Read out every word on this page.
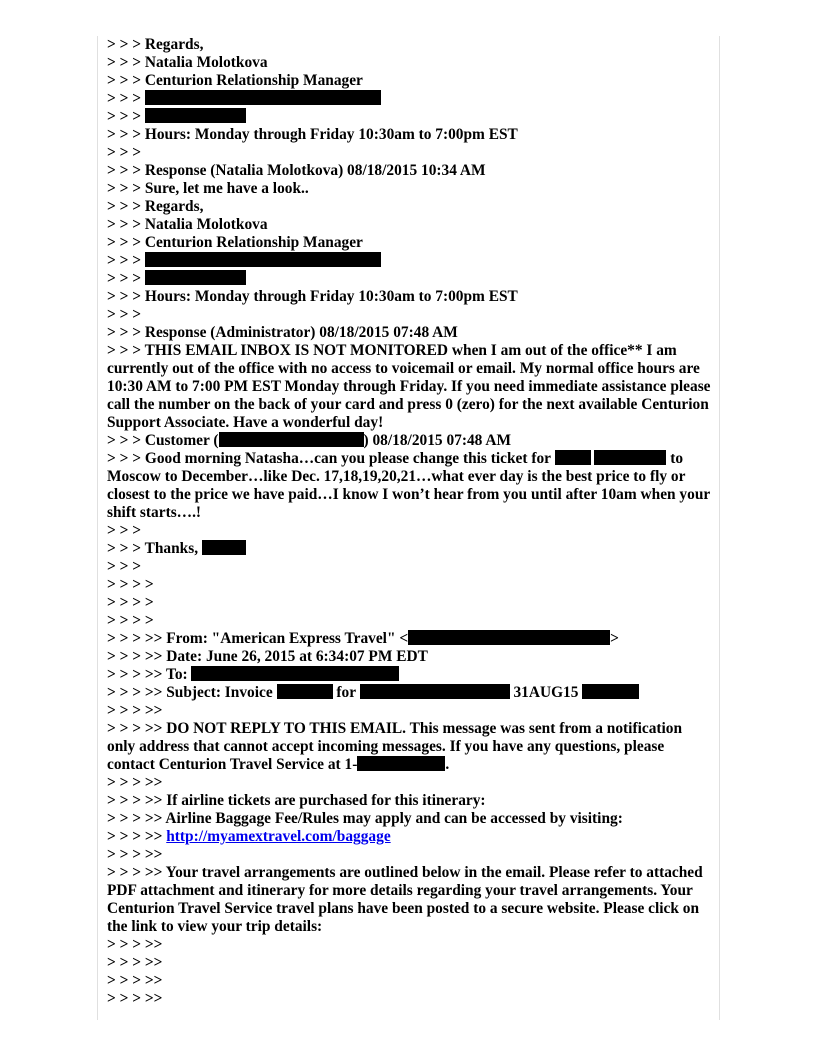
> > > Regards,
> > > Natalia Molotkova
> > > Centurion Relationship Manager
> > >
> > >
> > > Hours: Monday through Friday 10:30am to 7:00pm EST
> > >
> > > Response (Natalia Molotkova) 08/18/2015 10:34 AM
> > > Sure, let me have a look..
> > > Regards,
> > > Natalia Molotkova
> > > Centurion Relationship Manager
> > >
> > >
> > > Hours: Monday through Friday 10:30am to 7:00pm EST
> > >
> > > Response (Administrator) 08/18/2015 07:48 AM
> > > THIS EMAIL INBOX IS NOT MONITORED when I am out of the office** I am currently out of the office with no access to voicemail or email. My normal office hours are 10:30 AM to 7:00 PM EST Monday through Friday. If you need immediate assistance please call the number on the back of your card and press 0 (zero) for the next available Centurion Support Associate. Have a wonderful day!
> > > Customer (	) 08/18/2015 07:48 AM
> > > Good morning Natasha…can you please change this ticket for	to Moscow to December…like Dec. 17,18,19,20,21…what ever day is the best price to fly or closest to the price we have paid…I know I won’t hear from you until after 10am when your shift starts….!
> > >
> > > Thanks,
> > >
> > > >
> > > >
> > > >
> > > >> From: "American Express Travel" <	>
> > > >> Date: June 26, 2015 at 6:34:07 PM EDT
> > > >> To:
> > > >> Subject: Invoice	for	31AUG15
> > > >>
> > > >> DO NOT REPLY TO THIS EMAIL. This message was sent from a notification only address that cannot accept incoming messages. If you have any questions, please contact Centurion Travel Service at 1-	.
> > > >>
> > > >> If airline tickets are purchased for this itinerary:
> > > >> Airline Baggage Fee/Rules may apply and can be accessed by visiting:
> > > >> http://myamextravel.com/baggage
> > > >>
> > > >> Your travel arrangements are outlined below in the email. Please refer to attached PDF attachment and itinerary for more details regarding your travel arrangements. Your Centurion Travel Service travel plans have been posted to a secure website. Please click on the link to view your trip details:
> > > >>
> > > >>
> > > >>
> > > >>
